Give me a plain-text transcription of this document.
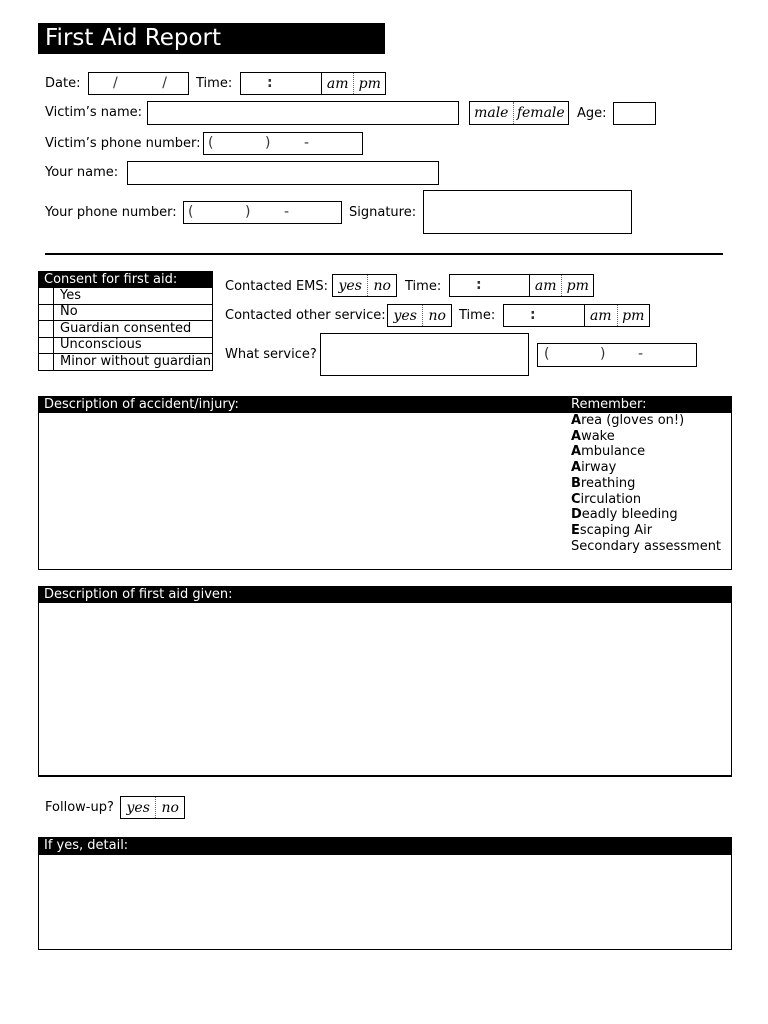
First Aid Report
Date: /          / Time: :	am pm
Victim’s name:	male female Age:
Victim’s phone number: (	) -
Your name:
Your phone number: (	) -	Signature:
Consent for first aid:
Yes
No
Guardian consented
Unconscious
Minor without guardian
Contacted EMS: yes no	Time: :	am pm
Contacted other service: yes no	Time: :	am pm
What service?	(	) -
Description of accident/injury:	Remember:
Area (gloves on!)
Awake
Ambulance
Airway
Breathing
Circulation
Deadly bleeding
Escaping Air
Secondary assessment
Description of first aid given:
Follow-up? yes no
If yes, detail:
